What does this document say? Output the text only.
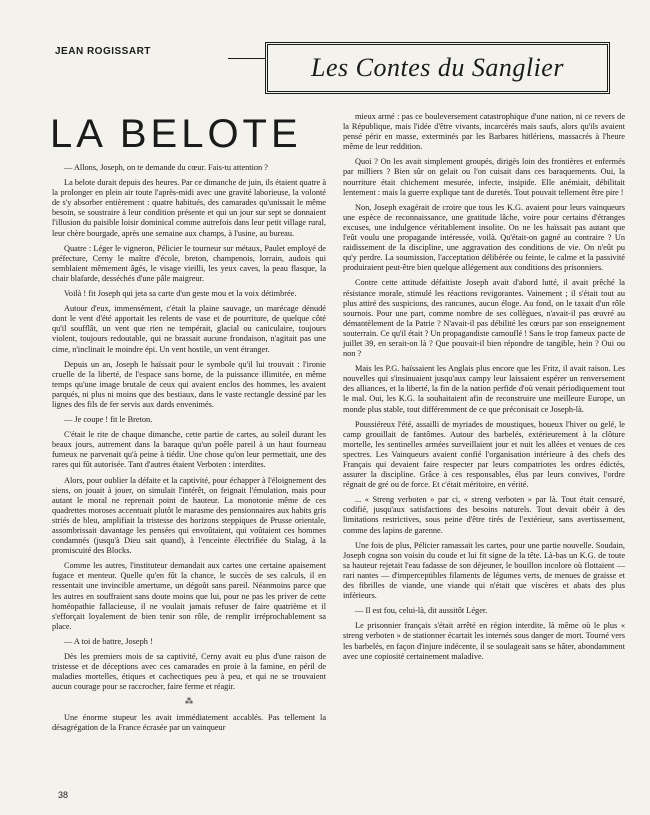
JEAN ROGISSART
Les Contes du Sanglier
LA BELOTE

— Allons, Joseph, on te demande du cœur. Fais-tu attention ?

La belote durait depuis des heures. Par ce dimanche de juin, ils étaient quatre à la prolonger en plein air toute l'après-midi avec une gravité laborieuse, la volonté de s'y absorber entièrement : quatre habitués, des camarades qu'unissait le même besoin, se soustraire à leur condition présente et qui un jour sur sept se donnaient l'illusion du paisible loisir dominical comme autrefois dans leur petit village rural, leur chère bourgade, après une semaine aux champs, à l'usine, au bureau.

Quatre : Léger le vigneron, Pélicier le tourneur sur métaux, Paulet employé de préfecture, Cerny le maître d'école, breton, champenois, lorrain, audois qui semblaient mêmement âgés, le visage vieilli, les yeux caves, la peau flasque, la chair blafarde, desséchés d'une pâle maigreur.

Voilà ! fit Joseph qui jeta sa carte d'un geste mou et la voix détimbrée.

Autour d'eux, immensément, c'était la plaine sauvage, un marécage dénudé dont le vent d'été apportait les relents de vase et de pourriture, de quelque côté qu'il soufflât, un vent que rien ne tempérait, glacial ou caniculaire, toujours violent, toujours redoutable, qui ne brassait aucune frondaison, n'agitait pas une cime, n'inclinait le moindre épi. Un vent hostile, un vent étranger.

Depuis un an, Joseph le haïssait pour le symbole qu'il lui trouvait : l'ironie cruelle de la liberté, de l'espace sans borne, de la puissance illimitée, en même temps qu'une image brutale de ceux qui avaient enclos des hommes, les avaient parqués, ni plus ni moins que des bestiaux, dans le vaste rectangle dessiné par les lignes des fils de fer servis aux dards envenimés.

— Je coupe ! fit le Breton.

C'était le rite de chaque dimanche, cette partie de cartes, au soleil durant les beaux jours, autrement dans la baraque qu'un poêle pareil à un haut fourneau fumeux ne parvenait qu'à peine à tiédir. Une chose qu'on leur permettait, une des rares qui fût autorisée. Tant d'autres étaient Verboten : interdites.

Alors, pour oublier la défaite et la captivité, pour échapper à l'éloignement des siens, on jouait à jouer, on simulait l'intérêt, on feignait l'émulation, mais pour autant le moral ne reprenait point de hauteur. La monotonie même de ces quadrettes moroses accentuait plutôt le marasme des pensionnaires aux habits gris striés de bleu, amplifiait la tristesse des horizons steppiques de Prusse orientale, assombrissait davantage les pensées qui envoûtaient, qui voûtaient ces hommes condamnés (jusqu'à Dieu sait quand), à l'enceinte électrifiée du Stalag, à la promiscuité des Blocks.

Comme les autres, l'instituteur demandait aux cartes une certaine apaisement fugace et menteur. Quelle qu'en fût la chance, le succès de ses calculs, il en ressentait une invincible amertume, un dégoût sans pareil. Néanmoins parce que les autres en souffraient sans doute moins que lui, pour ne pas les priver de cette homéopathie fallacieuse, il ne voulait jamais refuser de faire quatrième et il s'efforçait loyalement de bien tenir son rôle, de remplir irréprochablement sa place.

— A toi de battre, Joseph !

Dès les premiers mois de sa captivité, Cerny avait eu plus d'une raison de tristesse et de déceptions avec ces camarades en proie à la famine, en péril de maladies mortelles, étiques et cachectiques peu à peu, et qui ne se trouvaient aucun courage pour se raccrocher, faire ferme et réagir.

⁂

Une énorme stupeur les avait immédiatement accablés. Pas tellement la désagrégation de la France écrasée par un vainqueur

mieux armé : pas ce bouleversement catastrophique d'une nation, ni ce revers de la République, mais l'idée d'être vivants, incarcérés mais saufs, alors qu'ils avaient pensé périr en masse, exterminés par les Barbares hitlériens, massacrés à l'heure même de leur reddition.

Quoi ? On les avait simplement groupés, dirigés loin des frontières et enfermés par milliers ? Bien sûr on gelait ou l'on cuisait dans ces baraquements. Oui, la nourriture était chichement mesurée, infecte, insipide. Elle anémiait, débilitait lentement : mais la guerre explique tant de duretés. Tout pouvait tellement être pire !

Non, Joseph exagérait de croire que tous les K.G. avaient pour leurs vainqueurs une espèce de reconnaissance, une gratitude lâche, voire pour certains d'étranges excuses, une indulgence véritablement insolite. On ne les haïssait pas autant que l'eût voulu une propagande intéressée, voilà. Qu'était-on gagné au contraire ? Un raidissement de la discipline, une aggravation des conditions de vie. On n'eût pu qu'y perdre. La soumission, l'acceptation délibérée ou feinte, le calme et la passivité produiraient peut-être bien quelque allégement aux conditions des prisonniers.

Contre cette attitude défaitiste Joseph avait d'abord lutté, il avait prêché la résistance morale, stimulé les réactions revigorantes. Vainement ; il s'était tout au plus attiré des suspicions, des rancunes, aucun éloge. Au fond, on le taxait d'un rôle sournois. Pour une part, comme nombre de ses collègues, n'avait-il pas œuvré au démantèlement de la Patrie ? N'avait-il pas débilité les cœurs par son enseignement souterrain. Ce qu'il était ? Un propagandiste camouflé ! Sans le trop fameux pacte de juillet 39, en serait-on là ? Que pouvait-il bien répondre de tangible, hein ? Oui ou non ?

Mais les P.G. haïssaient les Anglais plus encore que les Fritz, il avait raison. Les nouvelles qui s'insinuaient jusqu'aux campy leur laissaient espérer un renversement des alliances, et la liberté, la fin de la nation perfide d'où venait périodiquement tout le mal. Oui, les K.G. la souhaitaient afin de reconstruire une meilleure Europe, un monde plus stable, tout différemment de ce que préconisait ce Joseph-là.

Poussiéreux l'été, assailli de myriades de moustiques, boueux l'hiver ou gelé, le camp grouillait de fantômes. Autour des barbelés, extérieurement à la clôture mortelle, les sentinelles armées surveillaient jour et nuit les allées et venues de ces spectres. Les Vainqueurs avaient confié l'organisation intérieure à des chefs des Français qui devaient faire respecter par leurs compatriotes les ordres édictés, assurer la discipline. Grâce à ces responsables, élus par leurs convives, l'ordre régnait de gré ou de force. Et c'était méritoire, en vérité.

... « Streng verboten » par ci, « streng verboten » par là. Tout était censuré, codifié, jusqu'aux satisfactions des besoins naturels. Tout devait obéir à des limitations restrictives, sous peine d'être tirés de l'extérieur, sans avertissement, comme des lapins de garenne.

Une fois de plus, Pélicier ramassait les cartes, pour une partie nouvelle. Soudain, Joseph cogna son voisin du coude et lui fit signe de la tête. Là-bas un K.G. de toute sa hauteur rejetait l'eau fadasse de son déjeuner, le bouillon incolore où flottaient — rari nantes — d'imperceptibles filaments de légumes verts, de menues de graisse et des fibrilles de viande, une viande qui n'était que viscères et abats des plus inférieurs.

— Il est fou, celui-là, dit aussitôt Léger.

Le prisonnier français s'était arrêté en région interdite, là même où le plus « streng verboten » de stationner écartait les internés sous danger de mort. Tourné vers les barbelés, en façon d'injure indécente, il se soulageait sans se hâter, abondamment avec une copiosité certainement maladive.

38
